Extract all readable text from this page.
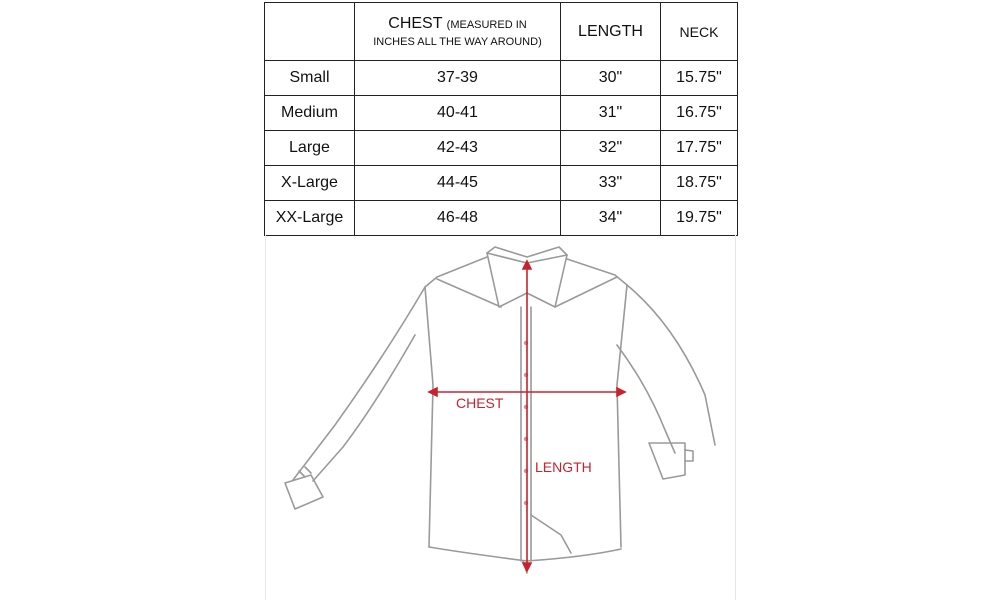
	CHEST (MEASURED IN
INCHES ALL THE WAY AROUND)	LENGTH	NECK
Small	37-39	30"	15.75"
Medium	40-41	31"	16.75"
Large	42-43	32"	17.75"
X-Large	44-45	33"	18.75"
XX-Large	46-48	34"	19.75"
CHEST
LENGTH
